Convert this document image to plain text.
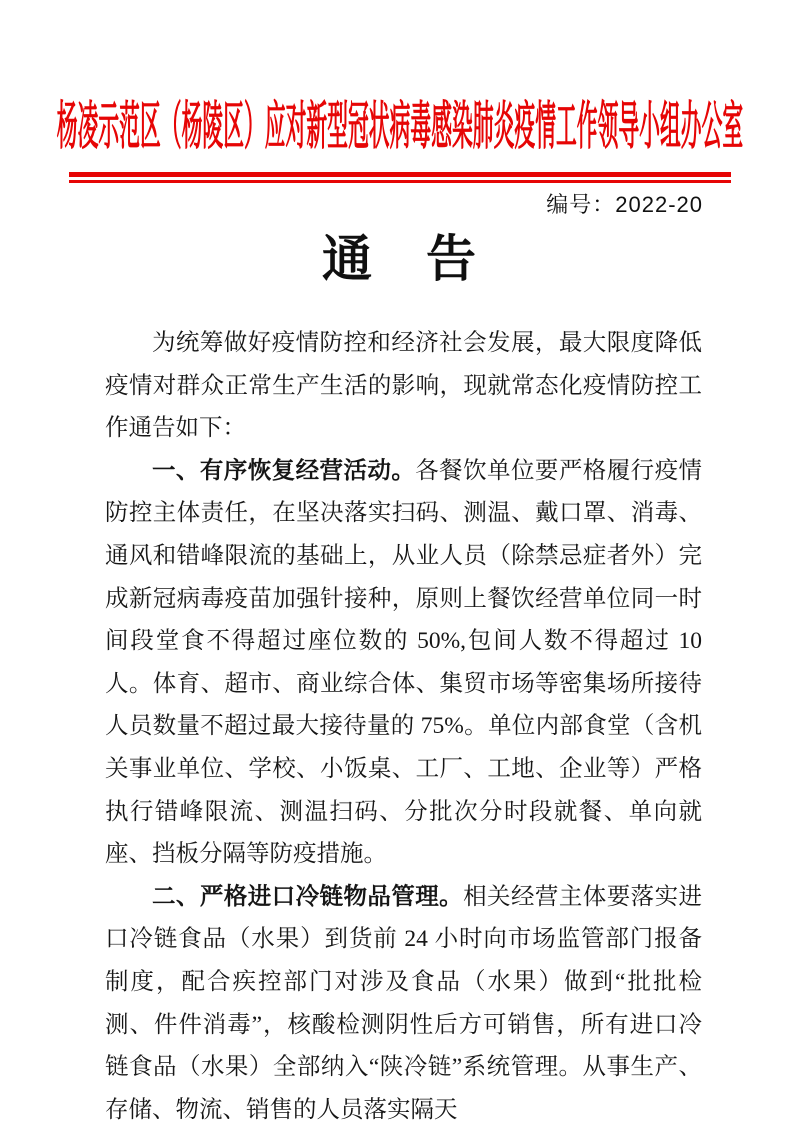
杨凌示范区（杨陵区）应对新型冠状病毒感染肺炎疫情工作领导小组办公室
编号：2022-20
通　告

为统筹做好疫情防控和经济社会发展，最大限度降低疫情对群众正常生产生活的影响，现就常态化疫情防控工作通告如下：

一、有序恢复经营活动。各餐饮单位要严格履行疫情防控主体责任，在坚决落实扫码、测温、戴口罩、消毒、通风和错峰限流的基础上，从业人员（除禁忌症者外）完成新冠病毒疫苗加强针接种，原则上餐饮经营单位同一时间段堂食不得超过座位数的 50%,包间人数不得超过 10 人。体育、超市、商业综合体、集贸市场等密集场所接待人员数量不超过最大接待量的 75%。单位内部食堂（含机关事业单位、学校、小饭桌、工厂、工地、企业等）严格执行错峰限流、测温扫码、分批次分时段就餐、单向就座、挡板分隔等防疫措施。

二、严格进口冷链物品管理。相关经营主体要落实进口冷链食品（水果）到货前 24 小时向市场监管部门报备制度，配合疾控部门对涉及食品（水果）做到“批批检测、件件消毒”，核酸检测阴性后方可销售，所有进口冷链食品（水果）全部纳入“陕冷链”系统管理。从事生产、存储、物流、销售的人员落实隔天
